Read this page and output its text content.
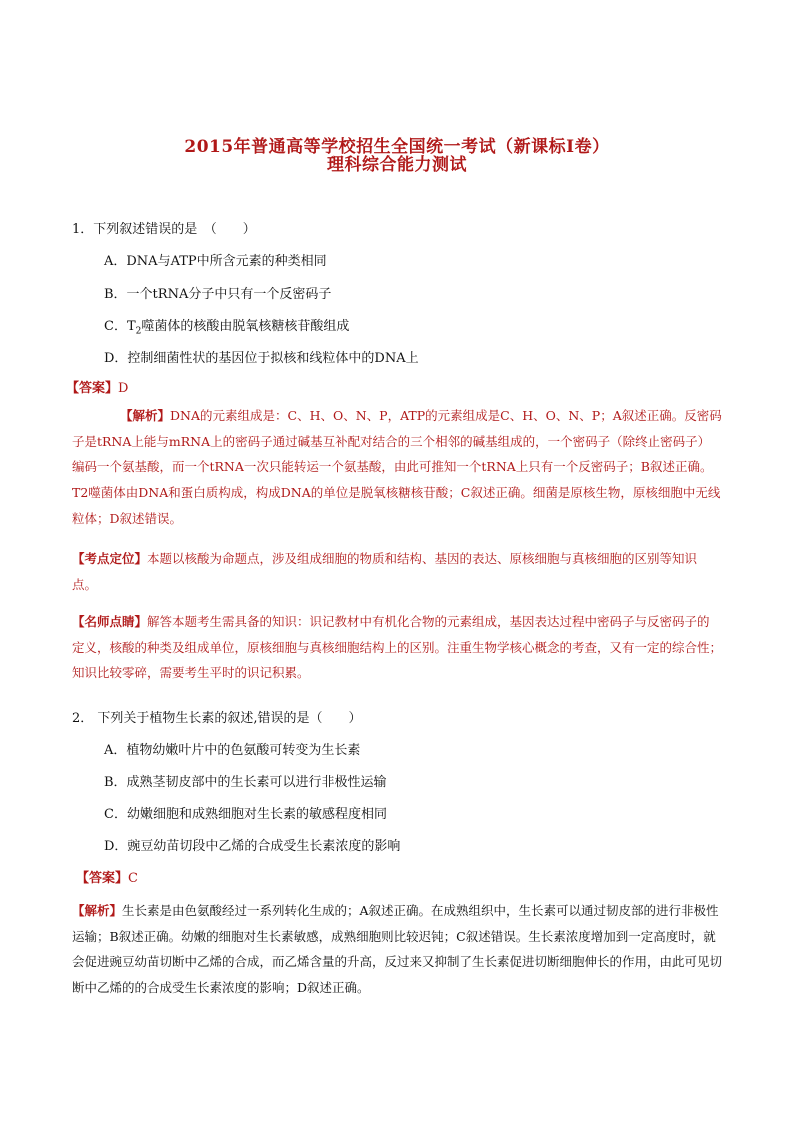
2015年普通高等学校招生全国统一考试（新课标Ⅰ卷）
理科综合能力测试
1．下列叙述错误的是　（　　）
A．DNA与ATP中所含元素的种类相同
B．一个tRNA分子中只有一个反密码子
C．$T_2$噬菌体的核酸由脱氧核糖核苷酸组成
D．控制细菌性状的基因位于拟核和线粒体中的DNA上
【答案】D

【解析】DNA的元素组成是：C、H、O、N、P，ATP的元素组成是C、H、O、N、P；A叙述正确。反密码子是tRNA上能与mRNA上的密码子通过碱基互补配对结合的三个相邻的碱基组成的，一个密码子（除终止密码子）编码一个氨基酸，而一个tRNA一次只能转运一个氨基酸，由此可推知一个tRNA上只有一个反密码子；B叙述正确。T2噬菌体由DNA和蛋白质构成，构成DNA的单位是脱氧核糖核苷酸；C叙述正确。细菌是原核生物，原核细胞中无线粒体；D叙述错误。

【考点定位】本题以核酸为命题点，涉及组成细胞的物质和结构、基因的表达、原核细胞与真核细胞的区别等知识点。

【名师点睛】解答本题考生需具备的知识：识记教材中有机化合物的元素组成，基因表达过程中密码子与反密码子的定义，核酸的种类及组成单位，原核细胞与真核细胞结构上的区别。注重生物学核心概念的考查，又有一定的综合性；知识比较零碎，需要考生平时的识记积累。

2． 下列关于植物生长素的叙述,错误的是（　　）
A．植物幼嫩叶片中的色氨酸可转变为生长素
B．成熟茎韧皮部中的生长素可以进行非极性运输
C．幼嫩细胞和成熟细胞对生长素的敏感程度相同
D．豌豆幼苗切段中乙烯的合成受生长素浓度的影响
【答案】C

【解析】生长素是由色氨酸经过一系列转化生成的；A叙述正确。在成熟组织中，生长素可以通过韧皮部的进行非极性运输；B叙述正确。幼嫩的细胞对生长素敏感，成熟细胞则比较迟钝；C叙述错误。生长素浓度增加到一定高度时，就会促进豌豆幼苗切断中乙烯的合成，而乙烯含量的升高，反过来又抑制了生长素促进切断细胞伸长的作用，由此可见切断中乙烯的的合成受生长素浓度的影响；D叙述正确。
